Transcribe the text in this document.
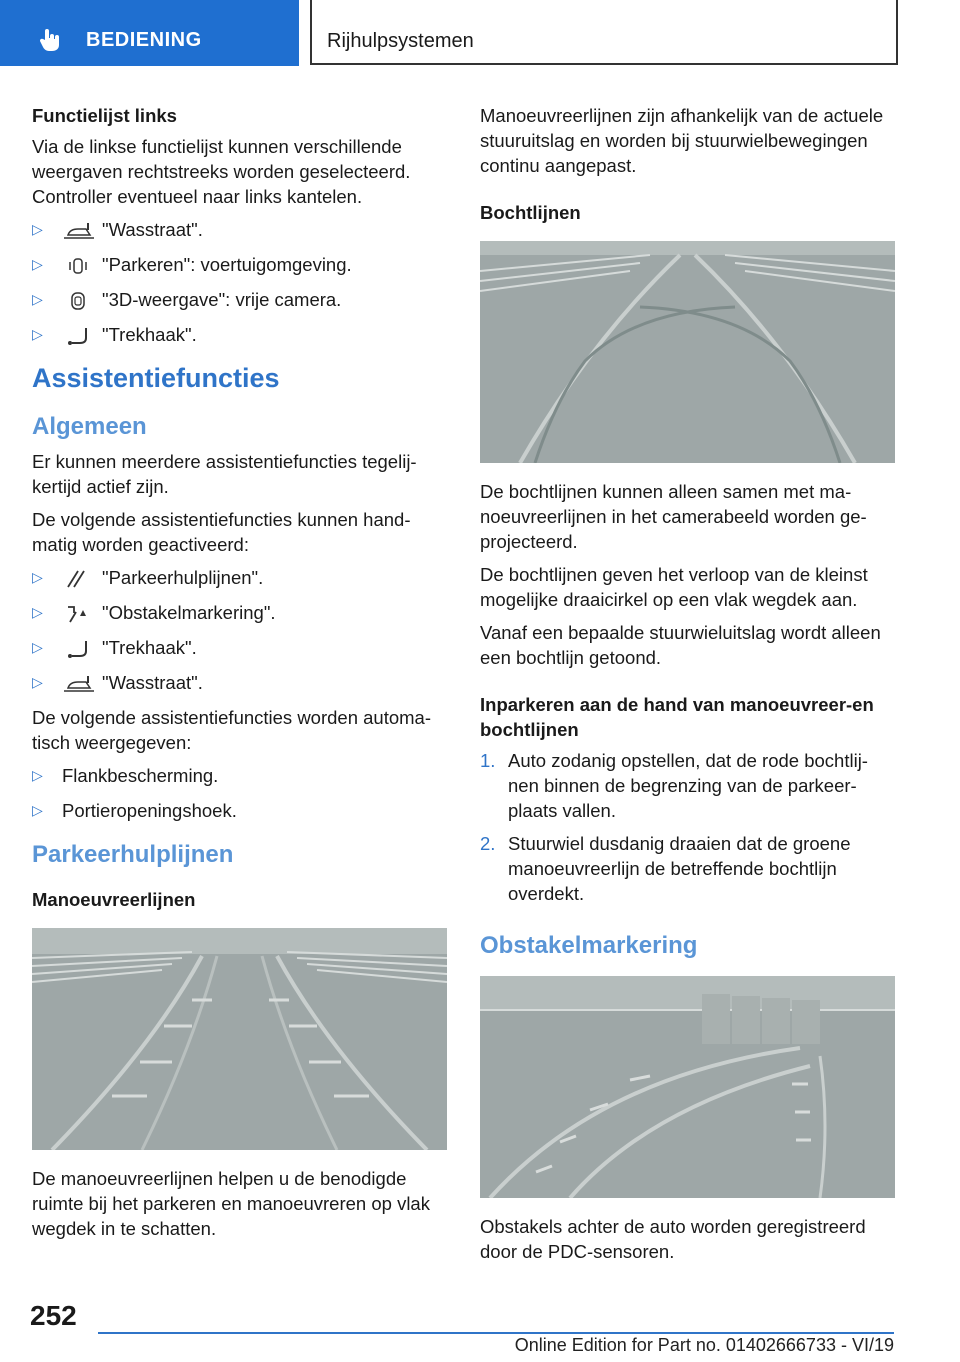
BEDIENING	Rijhulpsystemen
Functielijst links

Via de linkse functielijst kunnen verschillende weergaven rechtstreeks worden geselecteerd. Controller eventueel naar links kantelen.

▷	"Wasstraat".
▷	"Parkeren": voertuigomgeving.
▷	"3D-weergave": vrije camera.
▷	"Trekhaak".
Assistentiefuncties
Algemeen

Er kunnen meerdere assistentiefuncties tegelij-kertijd actief zijn.

De volgende assistentiefuncties kunnen hand-matig worden geactiveerd:

▷	"Parkeerhulplijnen".
▷	"Obstakelmarkering".
▷	"Trekhaak".
▷	"Wasstraat".

De volgende assistentiefuncties worden automa-tisch weergegeven:

▷ Flankbescherming.
▷ Portieropeningshoek.
Parkeerhulplijnen
Manoeuvreerlijnen

De manoeuvreerlijnen helpen u de benodigde ruimte bij het parkeren en manoeuvreren op vlak wegdek in te schatten.

Manoeuvreerlijnen zijn afhankelijk van de actuele stuuruitslag en worden bij stuurwielbewegingen continu aangepast.

Bochtlijnen

De bochtlijnen kunnen alleen samen met ma-noeuvreerlijnen in het camerabeeld worden ge-projecteerd.

De bochtlijnen geven het verloop van de kleinst mogelijke draaicirkel op een vlak wegdek aan.

Vanaf een bepaalde stuurwieluitslag wordt alleen een bochtlijn getoond.

Inparkeren aan de hand van manoeuvreer-en bochtlijnen
1. Auto zodanig opstellen, dat de rode bochtlij-nen binnen de begrenzing van de parkeer-plaats vallen.
2. Stuurwiel dusdanig draaien dat de groene manoeuvreerlijn de betreffende bochtlijn overdekt.
Obstakelmarkering

Obstakels achter de auto worden geregistreerd door de PDC-sensoren.

252
Online Edition for Part no. 01402666733 - VI/19
